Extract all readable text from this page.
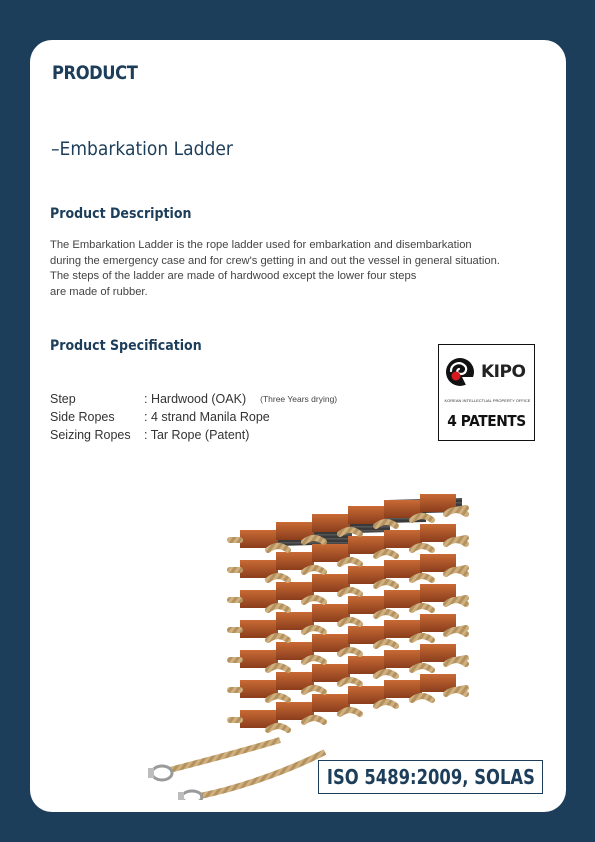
PRODUCT
–Embarkation Ladder
Product Description
The Embarkation Ladder is the rope ladder used for embarkation and disembarkation
during the emergency case and for crew's getting in and out the vessel in general situation.
The steps of the ladder are made of hardwood except the lower four steps
are made of rubber.
Product Specification
Step	: Hardwood (OAK) (Three Years drying)
Side Ropes	: 4 strand Manila Rope
Seizing Ropes	: Tar Rope (Patent)
KIPO
KOREAN INTELLECTUAL PROPERTY OFFICE
4 PATENTS
ISO 5489:2009, SOLAS
